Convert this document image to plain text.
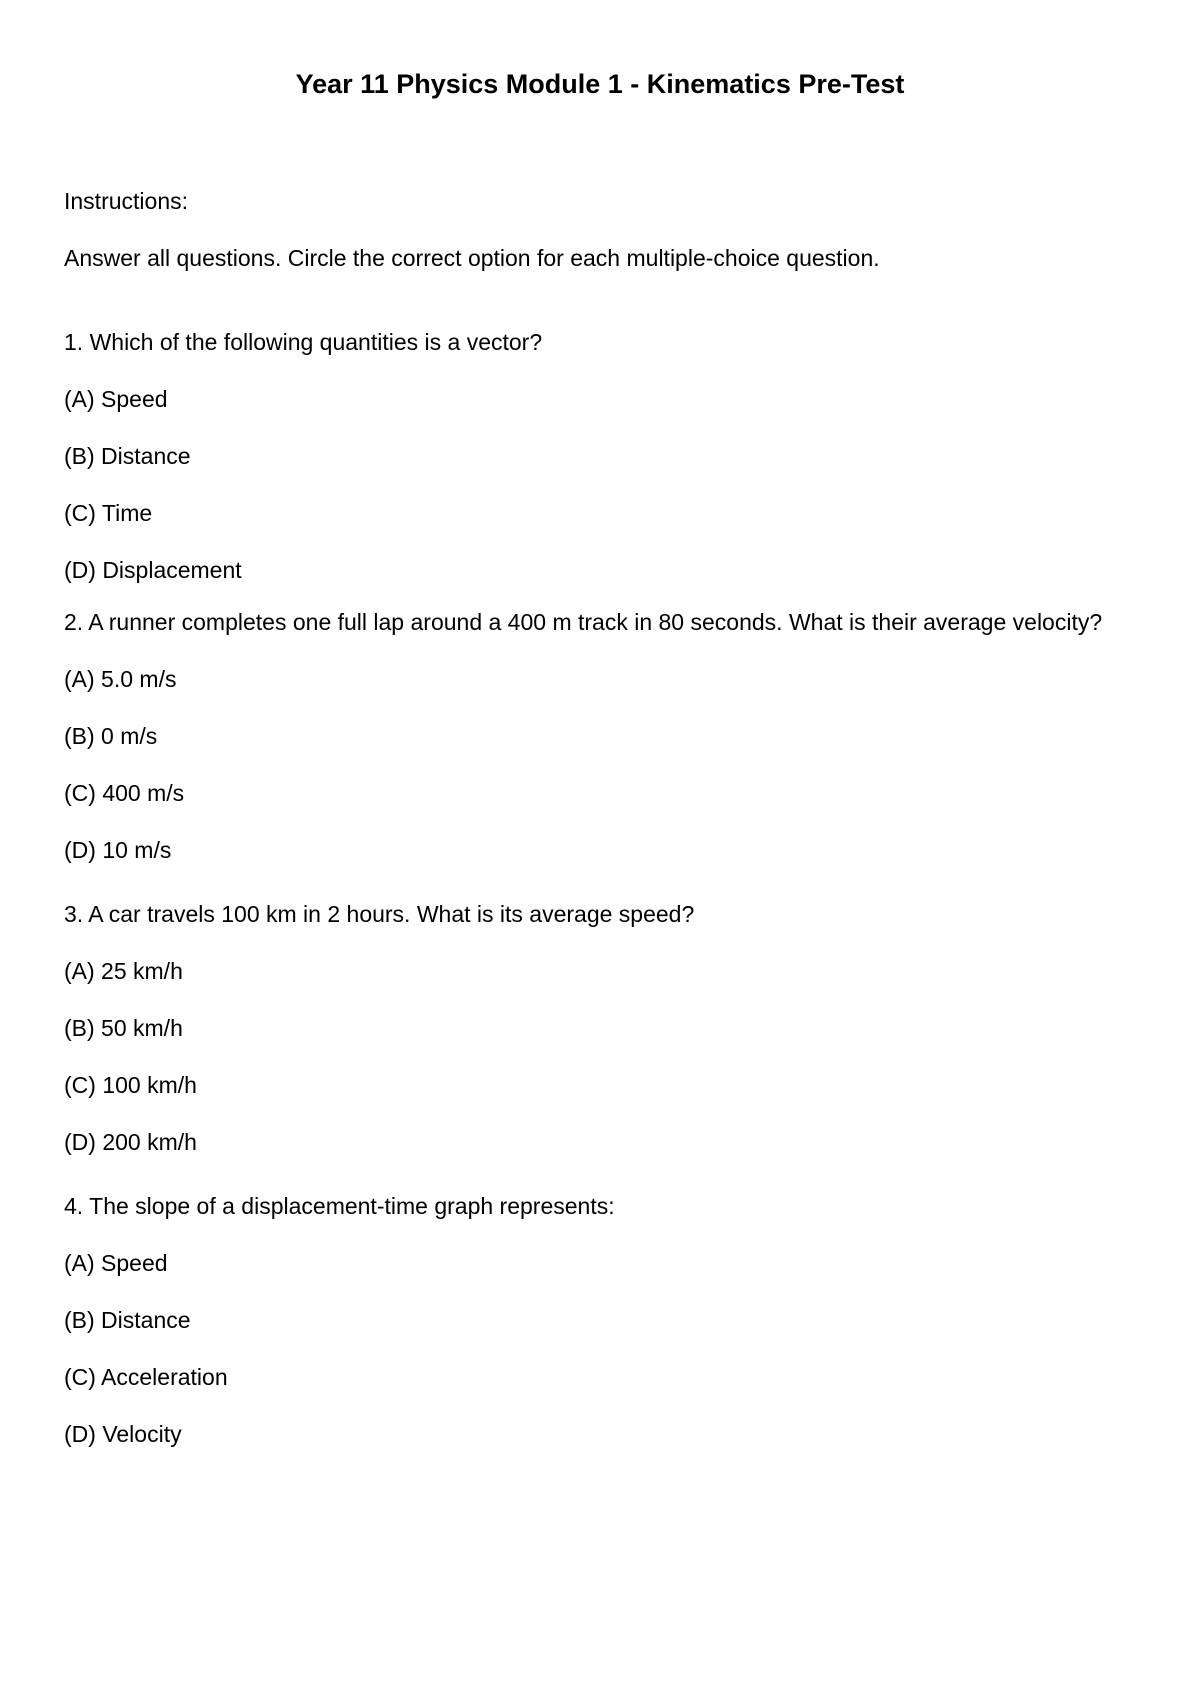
Year 11 Physics Module 1 - Kinematics Pre-Test
Instructions:
Answer all questions. Circle the correct option for each multiple-choice question.
1. Which of the following quantities is a vector?
(A) Speed
(B) Distance
(C) Time
(D) Displacement

2. A runner completes one full lap around a 400 m track in 80 seconds. What is their average velocity?

(A) 5.0 m/s
(B) 0 m/s
(C) 400 m/s
(D) 10 m/s
3. A car travels 100 km in 2 hours. What is its average speed?
(A) 25 km/h
(B) 50 km/h
(C) 100 km/h
(D) 200 km/h
4. The slope of a displacement-time graph represents:
(A) Speed
(B) Distance
(C) Acceleration
(D) Velocity
